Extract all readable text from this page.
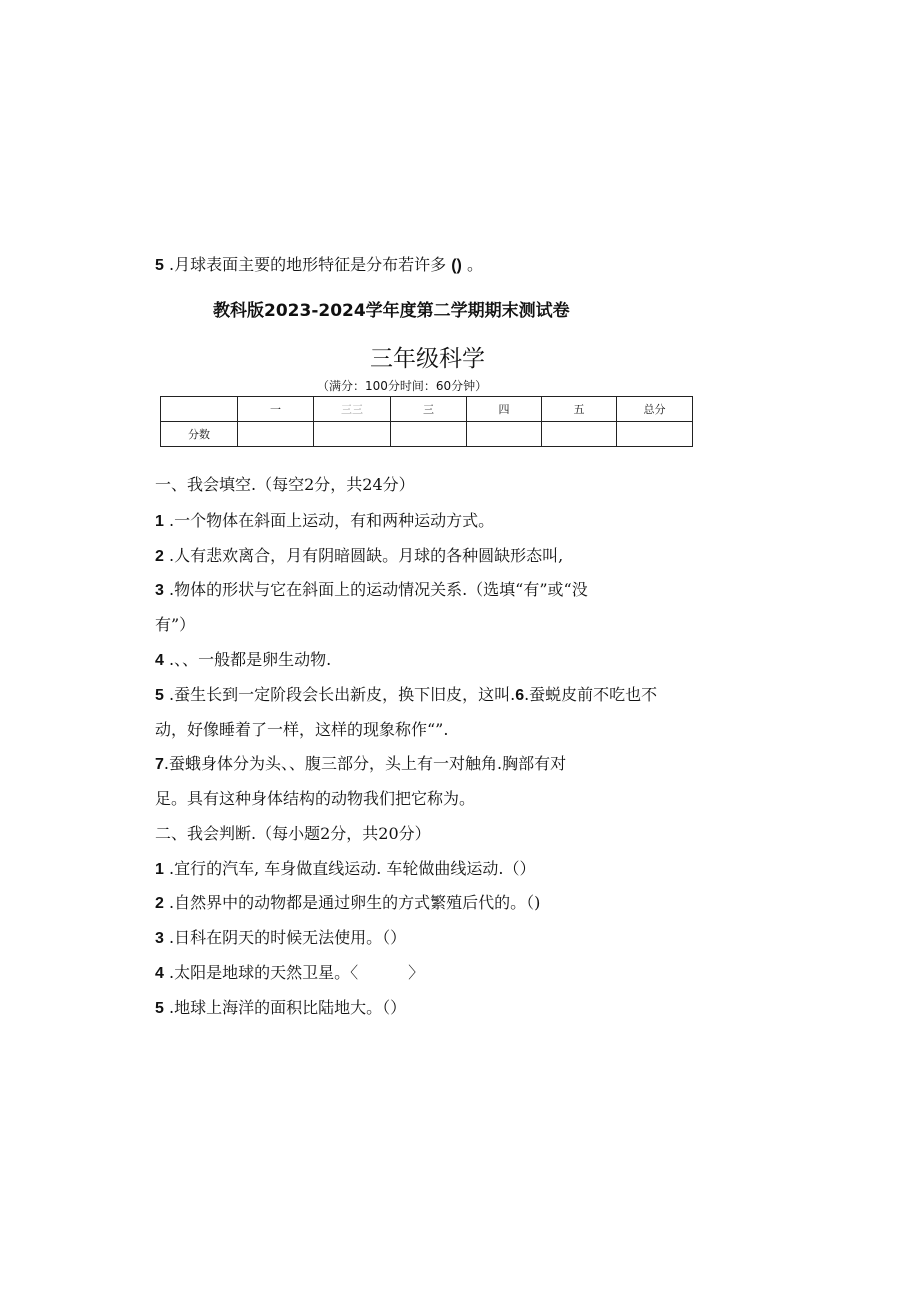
5 .月球表面主要的地形特征是分布若许多 () 。
教科版2023-2024学年度第二学期期末测试卷
三年级科学
（满分：100分时间：60分钟）
	一	三三	三	四	五	总分
分数						
一、我会填空.（每空2分，共24分）
1 .一个物体在斜面上运动，有和两种运动方式。
2 .人有悲欢离合，月有阴暗圆缺。月球的各种圆缺形态叫,
3 .物体的形状与它在斜面上的运动情况关系.（选填“有”或“没
有”）
4 .、、一般都是卵生动物.
5 .蚕生长到一定阶段会长出新皮，换下旧皮，这叫.6.蚕蜕皮前不吃也不
动，好像睡着了一样，这样的现象称作“”.
7.蚕蛾身体分为头、、腹三部分，头上有一对触角.胸部有对
足。具有这种身体结构的动物我们把它称为。
二、我会判断.（每小题2分，共20分）
1 .宜行的汽车, 车身做直线运动. 车轮做曲线运动.（）
2 .自然界中的动物都是通过卵生的方式繁殖后代的。（)
3 .日科在阴天的时候无法使用。（）
4 .太阳是地球的天然卫星。〈	〉
5 .地球上海洋的面积比陆地大。（）
